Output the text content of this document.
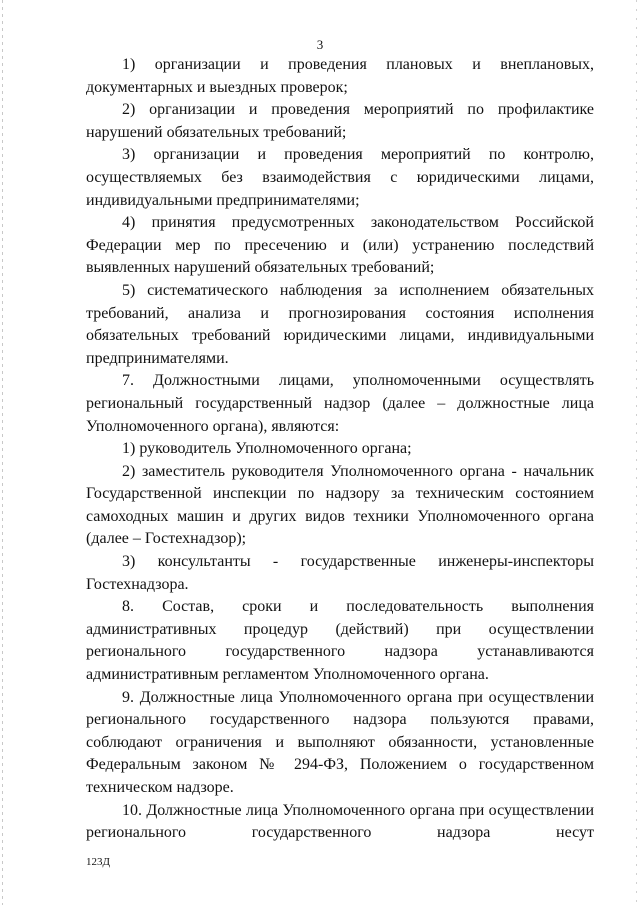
3

1) организации и проведения плановых и внеплановых, документарных и выездных проверок;

2) организации и проведения мероприятий по профилактике нарушений обязательных требований;

3) организации и проведения мероприятий по контролю, осуществляемых без взаимодействия с юридическими лицами, индивидуальными предпринимателями;

4) принятия предусмотренных законодательством Российской Федерации мер по пресечению и (или) устранению последствий выявленных нарушений обязательных требований;

5) систематического наблюдения за исполнением обязательных требований, анализа и прогнозирования состояния исполнения обязательных требований юридическими лицами, индивидуальными предпринимателями.

7. Должностными лицами, уполномоченными осуществлять региональный государственный надзор (далее – должностные лица Уполномоченного органа), являются:

1) руководитель Уполномоченного органа;

2) заместитель руководителя Уполномоченного органа - начальник Государственной инспекции по надзору за техническим состоянием самоходных машин и других видов техники Уполномоченного органа (далее – Гостехнадзор);

3) консультанты - государственные инженеры-инспекторы Гостехнадзора.

8. Состав, сроки и последовательность выполнения административных процедур (действий) при осуществлении регионального государственного надзора устанавливаются административным регламентом Уполномоченного органа.

9. Должностные лица Уполномоченного органа при осуществлении регионального государственного надзора пользуются правами, соблюдают ограничения и выполняют обязанности, установленные Федеральным законом № 294-ФЗ, Положением о государственном техническом надзоре.

10. Должностные лица Уполномоченного органа при осуществлении регионального государственного надзора несут

123Д
